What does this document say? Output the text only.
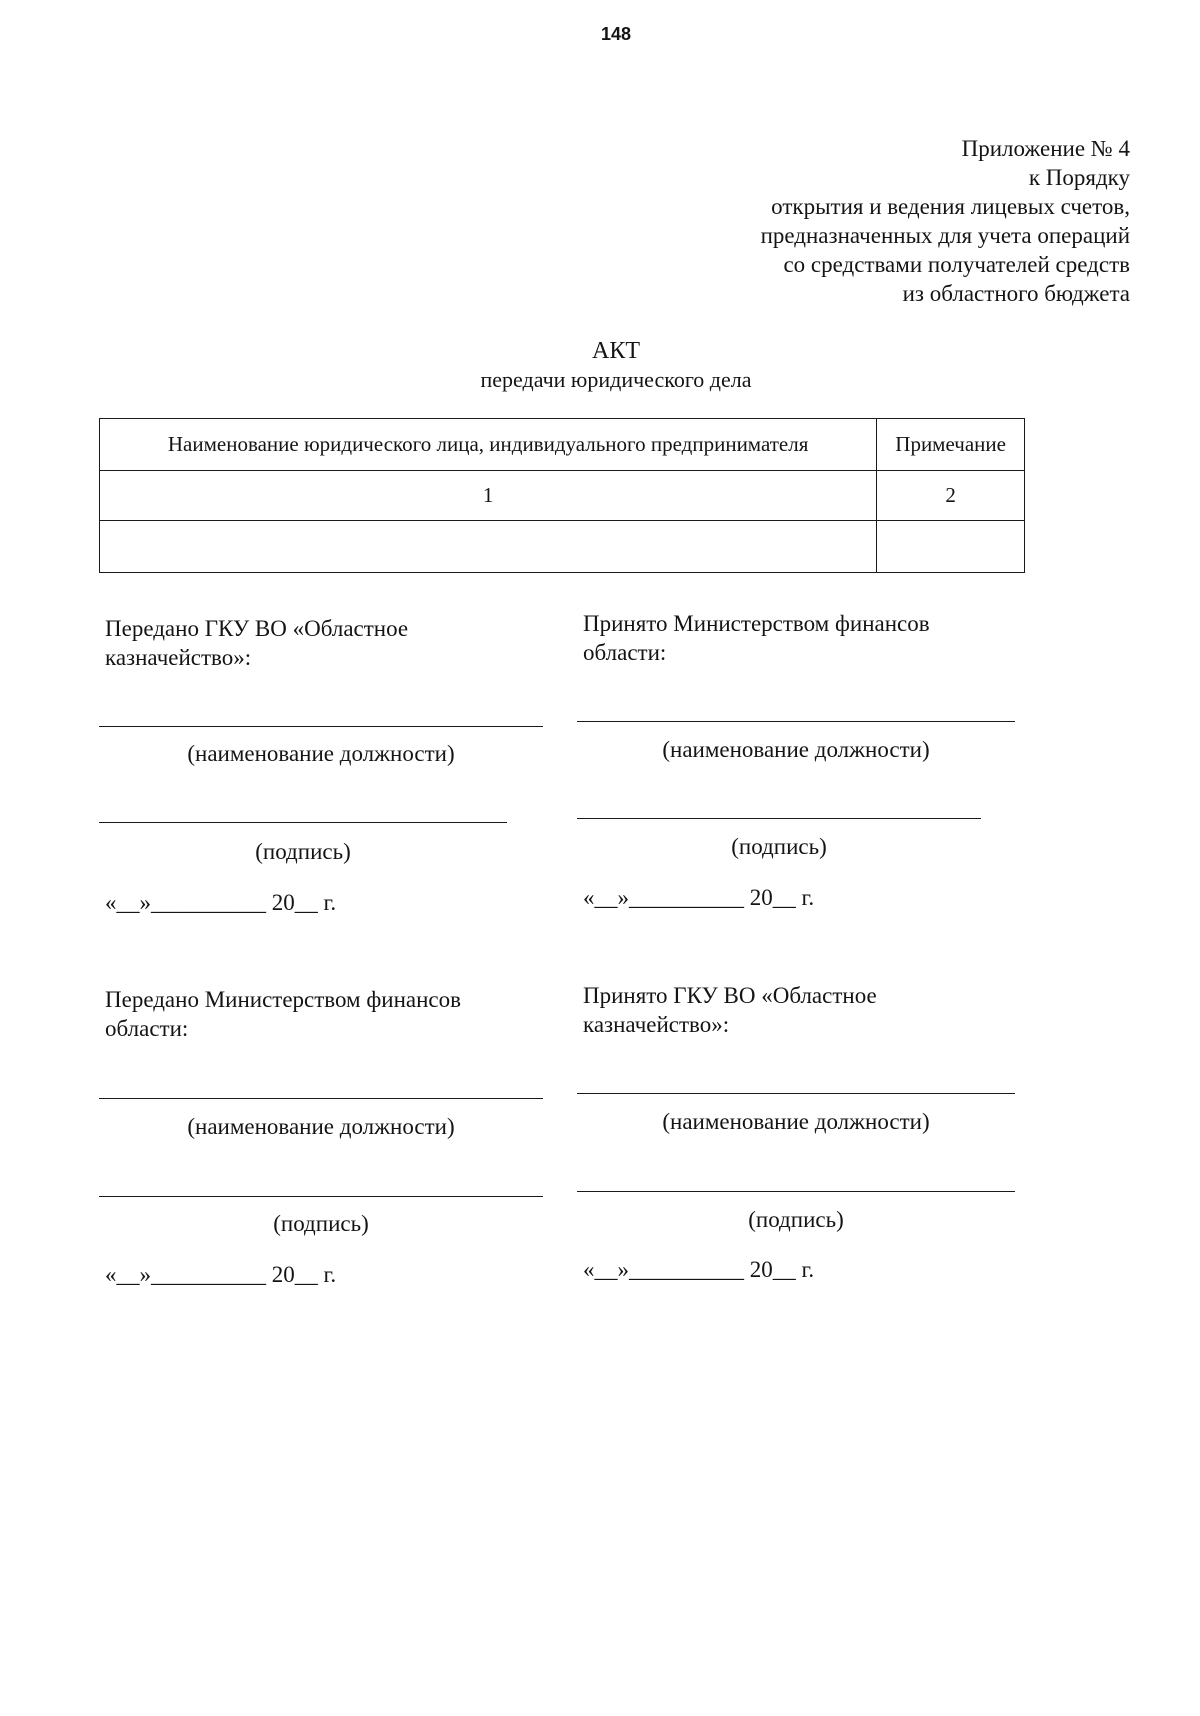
148
Приложение № 4
к Порядку
открытия и ведения лицевых счетов,
предназначенных для учета операций
со средствами получателей средств
из областного бюджета
АКТ
передачи юридического дела
Наименование юридического лица, индивидуального предпринимателя	Примечание
1	2

Передано ГКУ ВО «Областное
казначейство»:
(наименование должности)
(подпись)
«__»__________ 20__ г.
Принято Министерством финансов
области:
(наименование должности)
(подпись)
«__»__________ 20__ г.
Передано Министерством финансов
области:
(наименование должности)
(подпись)
«__»__________ 20__ г.
Принято ГКУ ВО «Областное
казначейство»:
(наименование должности)
(подпись)
«__»__________ 20__ г.
